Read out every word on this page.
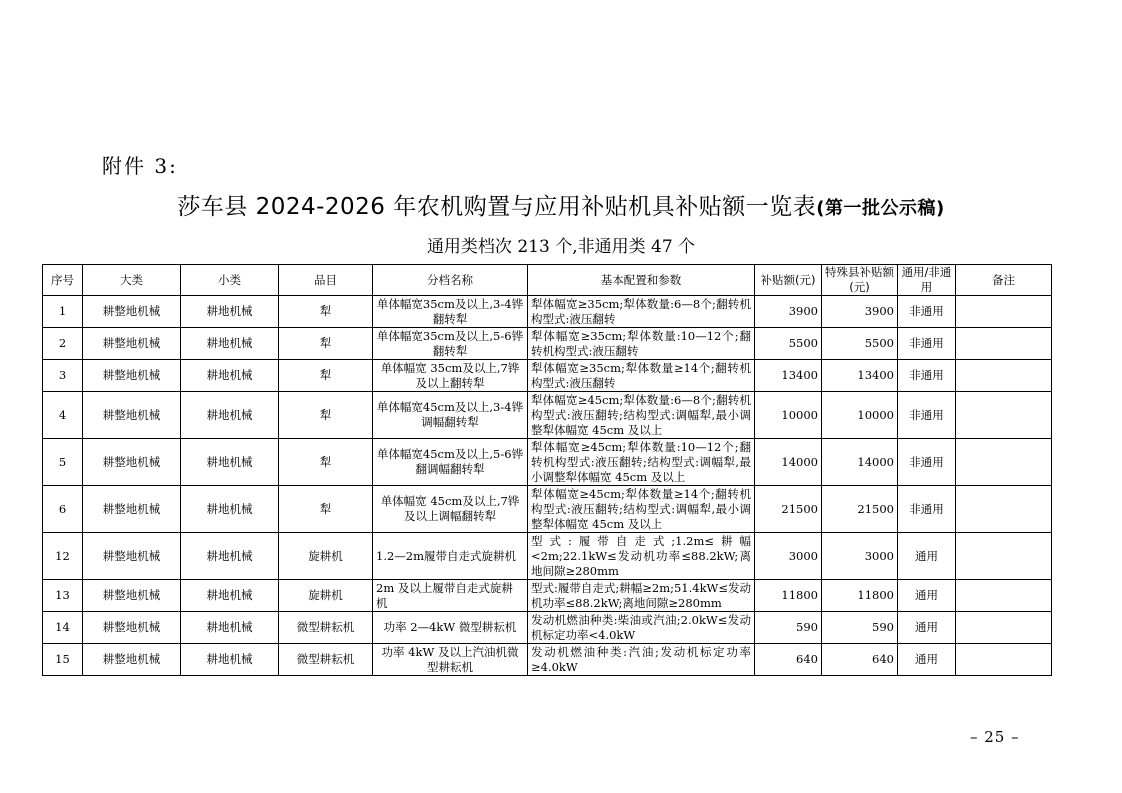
附件 3:
莎车县 2024-2026 年农机购置与应用补贴机具补贴额一览表(第一批公示稿)
通用类档次 213 个,非通用类 47 个
序号	大类	小类	品目	分档名称	基本配置和参数	补贴额(元)	特殊县补贴额(元)	通用/非通用	备注
1	耕整地机械	耕地机械	犁	单体幅宽35cm及以上,3-4铧翻转犁	犁体幅宽≥35cm;犁体数量:6—8个;翻转机构型式:液压翻转	3900	3900	非通用	
2	耕整地机械	耕地机械	犁	单体幅宽35cm及以上,5-6铧翻转犁	犁体幅宽≥35cm;犁体数量:10—12个;翻转机构型式:液压翻转	5500	5500	非通用	
3	耕整地机械	耕地机械	犁	单体幅宽 35cm及以上,7铧及以上翻转犁	犁体幅宽≥35cm;犁体数量≥14个;翻转机构型式:液压翻转	13400	13400	非通用	
4	耕整地机械	耕地机械	犁	单体幅宽45cm及以上,3-4铧调幅翻转犁	犁体幅宽≥45cm;犁体数量:6—8个;翻转机构型式:液压翻转;结构型式:调幅犁,最小调整犁体幅宽 45cm 及以上	10000	10000	非通用	
5	耕整地机械	耕地机械	犁	单体幅宽45cm及以上,5-6铧翻调幅翻转犁	犁体幅宽≥45cm;犁体数量:10—12个;翻转机构型式:液压翻转;结构型式:调幅犁,最小调整犁体幅宽 45cm 及以上	14000	14000	非通用	
6	耕整地机械	耕地机械	犁	单体幅宽 45cm及以上,7铧及以上调幅翻转犁	犁体幅宽≥45cm;犁体数量≥14个;翻转机构型式:液压翻转;结构型式:调幅犁,最小调整犁体幅宽 45cm 及以上	21500	21500	非通用	
12	耕整地机械	耕地机械	旋耕机	1.2—2m履带自走式旋耕机	型式:履带自走式;1.2m≤耕幅<2m;22.1kW≤发动机功率≤88.2kW;离地间隙≥280mm	3000	3000	通用	
13	耕整地机械	耕地机械	旋耕机	2m 及以上履带自走式旋耕机	型式:履带自走式;耕幅≥2m;51.4kW≤发动机功率≤88.2kW;离地间隙≥280mm	11800	11800	通用	
14	耕整地机械	耕地机械	微型耕耘机	功率 2—4kW 微型耕耘机	发动机燃油种类:柴油或汽油;2.0kW≤发动机标定功率<4.0kW	590	590	通用	
15	耕整地机械	耕地机械	微型耕耘机	功率 4kW 及以上汽油机微型耕耘机	发动机燃油种类:汽油;发动机标定功率≥4.0kW	640	640	通用	
– 25 –
